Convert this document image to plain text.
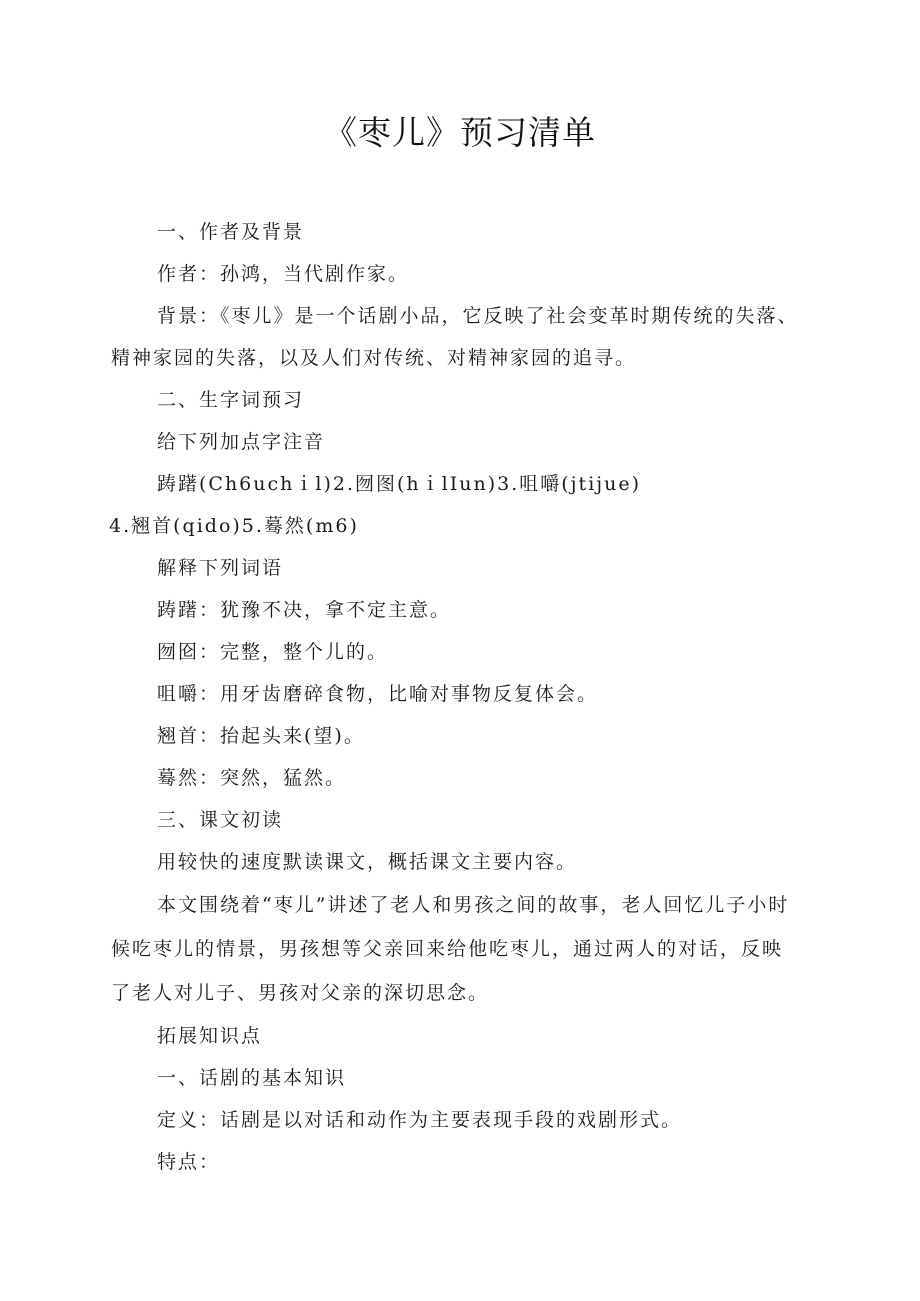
《枣儿》预习清单

一、作者及背景

作者：孙鸿，当代剧作家。

背景：《枣儿》是一个话剧小品，它反映了社会变革时期传统的失落、精神家园的失落，以及人们对传统、对精神家园的追寻。

二、生字词预习

给下列加点字注音

踌躇(Ch6uchｉl)2.囫图(hｉlIun)3.咀嚼(jtijue)

4.翘首(qido)5.蓦然(m6)

解释下列词语

踌躇：犹豫不决，拿不定主意。

囫囵：完整，整个儿的。

咀嚼：用牙齿磨碎食物，比喻对事物反复体会。

翘首：抬起头来(望)。

蓦然：突然，猛然。

三、课文初读

用较快的速度默读课文，概括课文主要内容。

本文围绕着“枣儿”讲述了老人和男孩之间的故事，老人回忆儿子小时候吃枣儿的情景，男孩想等父亲回来给他吃枣儿，通过两人的对话，反映了老人对儿子、男孩对父亲的深切思念。

拓展知识点

一、话剧的基本知识

定义：话剧是以对话和动作为主要表现手段的戏剧形式。

特点：
